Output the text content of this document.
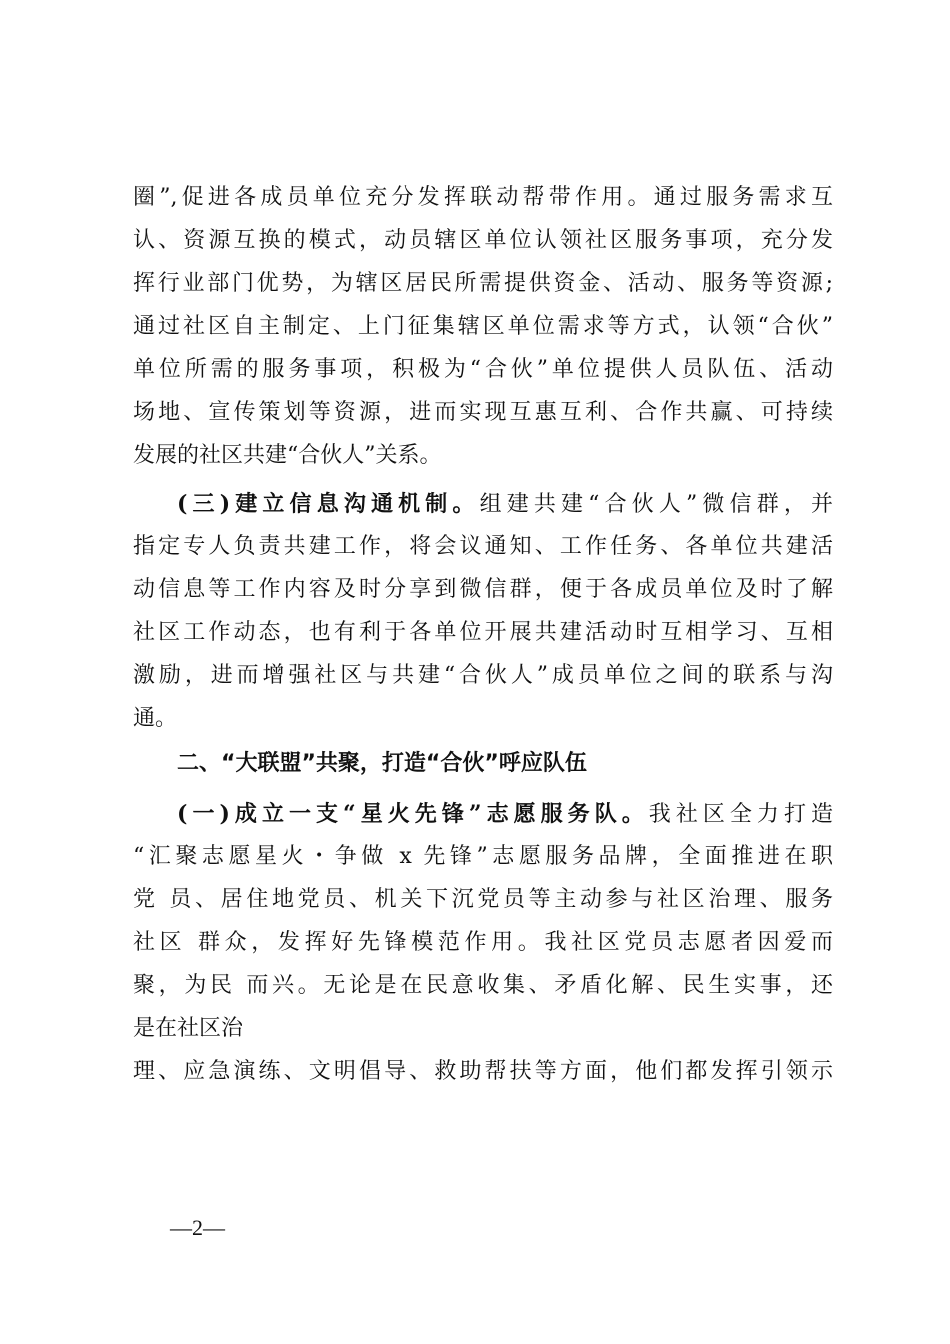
圈”,促进各成员单位充分发挥联动帮带作用。通过服务需求互
认、资源互换的模式，动员辖区单位认领社区服务事项，充分发
挥行业部门优势，为辖区居民所需提供资金、活动、服务等资源;
通过社区自主制定、上门征集辖区单位需求等方式，认领“合伙”
单位所需的服务事项，积极为“合伙”单位提供人员队伍、活动
场地、宣传策划等资源，进而实现互惠互利、合作共赢、可持续
发展的社区共建“合伙人”关系。
(三)建立信息沟通机制。组建共建“合伙人”微信群，并
指定专人负责共建工作，将会议通知、工作任务、各单位共建活
动信息等工作内容及时分享到微信群，便于各成员单位及时了解
社区工作动态，也有利于各单位开展共建活动时互相学习、互相
激励，进而增强社区与共建“合伙人”成员单位之间的联系与沟
通。
二、“大联盟”共聚，打造“合伙”呼应队伍
(一)成立一支“星火先锋”志愿服务队。我社区全力打造
“汇聚志愿星火・争做 x 先锋”志愿服务品牌，全面推进在职
党 员、居住地党员、机关下沉党员等主动参与社区治理、服务
社区 群众，发挥好先锋模范作用。我社区党员志愿者因爱而
聚，为民 而兴。无论是在民意收集、矛盾化解、民生实事，还
是在社区治
理、应急演练、文明倡导、救助帮扶等方面，他们都发挥引领示
—2—
